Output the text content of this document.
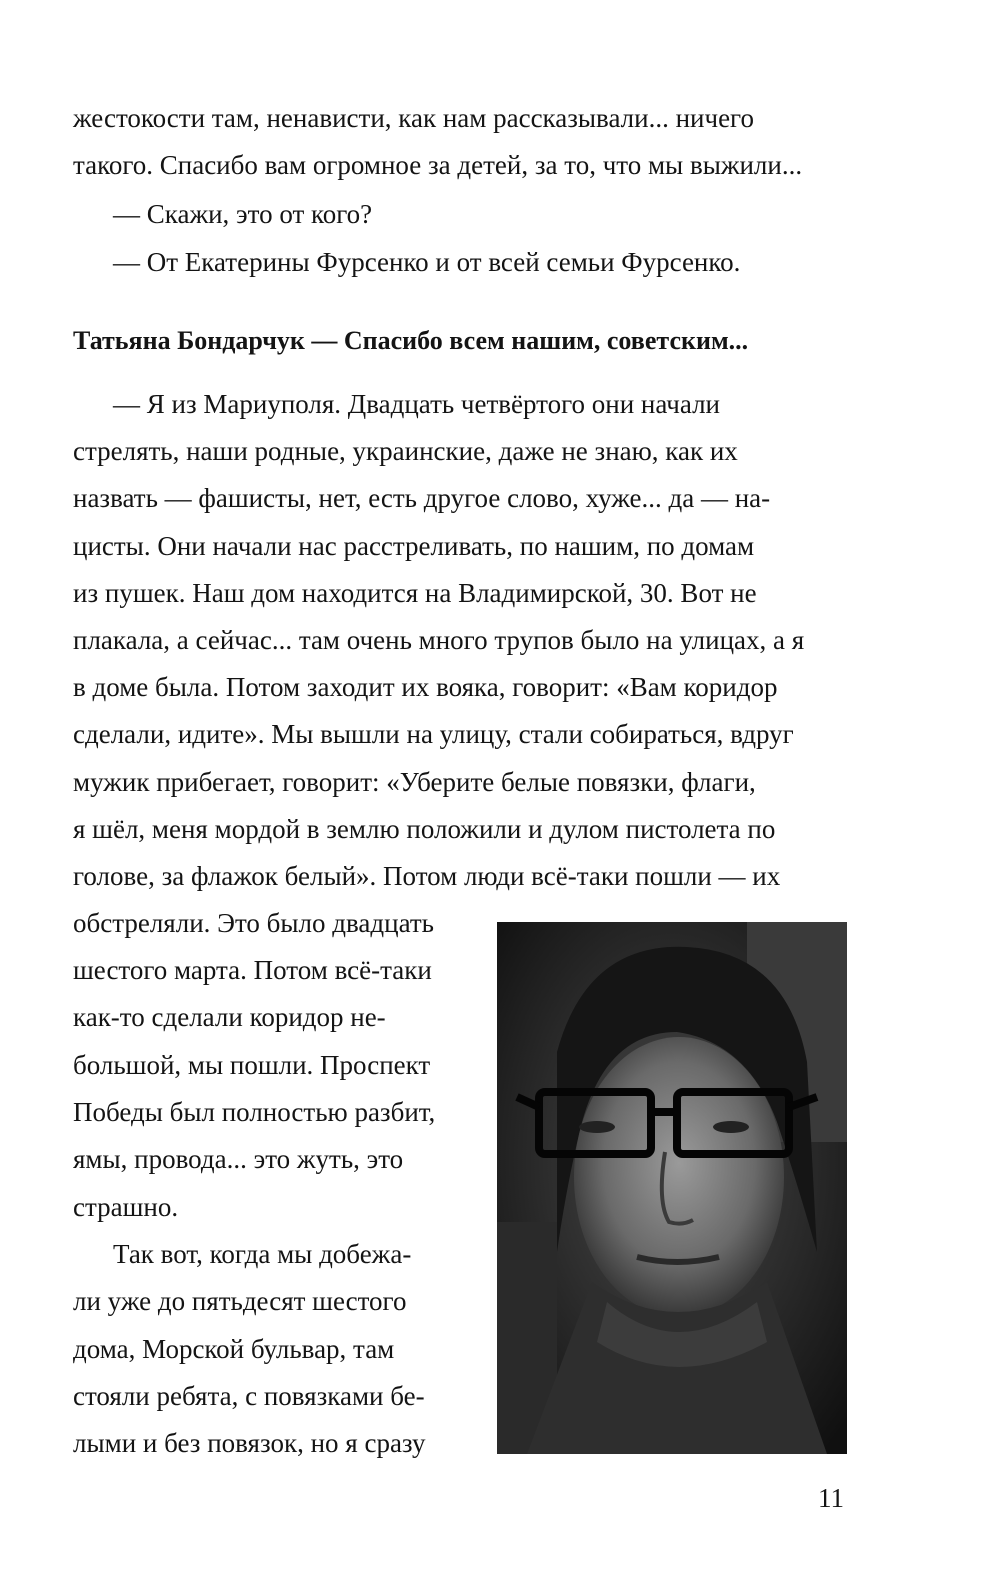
жестокости там, ненависти, как нам рассказывали... ничего
такого. Спасибо вам огромное за детей, за то, что мы выжили...
— Скажи, это от кого?
— От Екатерины Фурсенко и от всей семьи Фурсенко.
Татьяна Бондарчук — Спасибо всем нашим, советским...
— Я из Мариуполя. Двадцать четвёртого они начали
стрелять, наши родные, украинские, даже не знаю, как их
назвать — фашисты, нет, есть другое слово, хуже... да — на-
цисты. Они начали нас расстреливать, по нашим, по домам
из пушек. Наш дом находится на Владимирской, 30. Вот не
плакала, а сейчас... там очень много трупов было на улицах, а я
в доме была. Потом заходит их вояка, говорит: «Вам коридор
сделали, идите». Мы вышли на улицу, стали собираться, вдруг
мужик прибегает, говорит: «Уберите белые повязки, флаги,
я шёл, меня мордой в землю положили и дулом пистолета по
голове, за флажок белый». Потом люди всё-таки пошли — их
обстреляли. Это было двадцать
шестого марта. Потом всё-таки
как-то сделали коридор не-
большой, мы пошли. Проспект
Победы был полностью разбит,
ямы, провода... это жуть, это
страшно.
Так вот, когда мы добежа-
ли уже до пятьдесят шестого
дома, Морской бульвар, там
стояли ребята, с повязками бе-
лыми и без повязок, но я сразу
11
